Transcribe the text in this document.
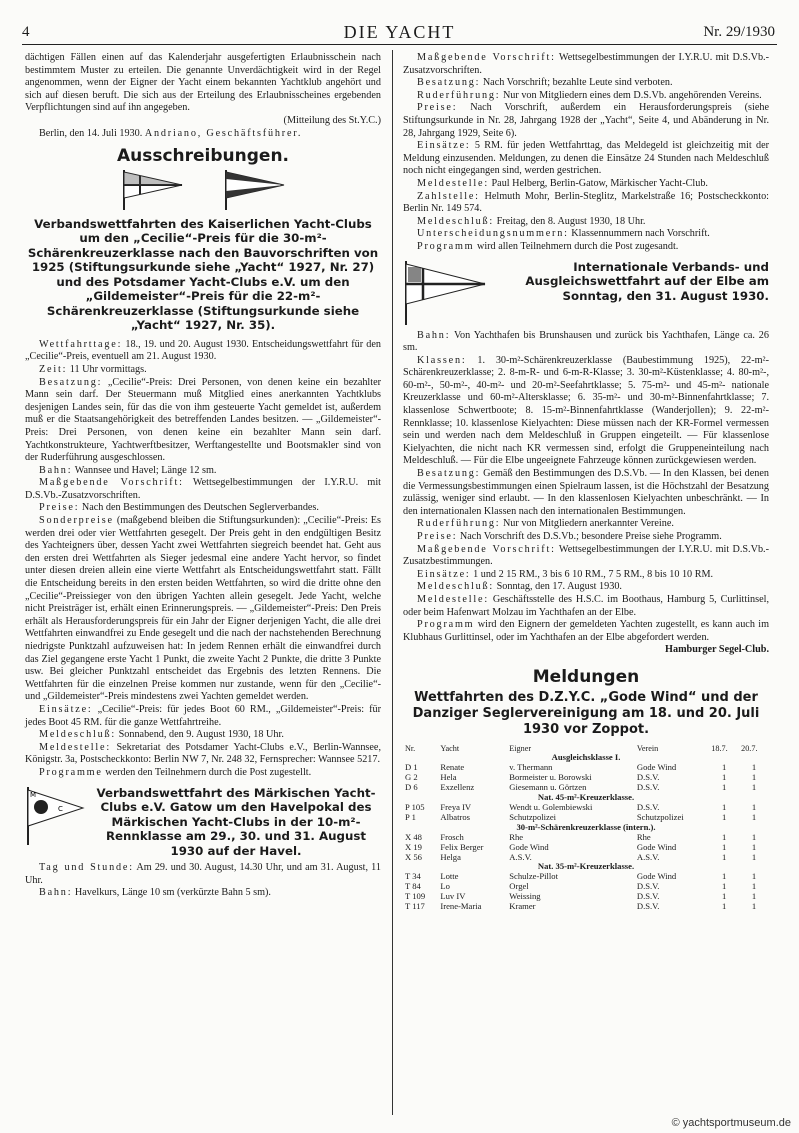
4	DIE YACHT	Nr. 29/1930

dächtigen Fällen einen auf das Kalenderjahr ausgefertigten Erlaubnisschein nach bestimmtem Muster zu erteilen. Die genannte Unverdächtigkeit wird in der Regel angenommen, wenn der Eigner der Yacht einem bekannten Yachtklub angehört und sich auf diesen beruft. Die sich aus der Erteilung des Erlaubnisscheines ergebenden Verpflichtungen sind auf ihn angegeben.
(Mitteilung des St.Y.C.)

Berlin, den 14. Juli 1930. Andriano, Geschäftsführer.

Ausschreibungen.
Verbandswettfahrten des Kaiserlichen Yacht-Clubs um den „Cecilie“-Preis für die 30-m²-Schärenkreuzerklasse nach den Bauvorschriften von 1925 (Stiftungsurkunde siehe „Yacht“ 1927, Nr. 27) und des Potsdamer Yacht-Clubs e.V. um den „Gildemeister“-Preis für die 22-m²-Schärenkreuzerklasse (Stiftungsurkunde siehe „Yacht“ 1927, Nr. 35).

Wettfahrttage: 18., 19. und 20. August 1930. Entscheidungswettfahrt für den „Cecilie“-Preis, eventuell am 21. August 1930.

Zeit: 11 Uhr vormittags.

Besatzung: „Cecilie“-Preis: Drei Personen, von denen keine ein bezahlter Mann sein darf. Der Steuermann muß Mitglied eines anerkannten Yachtklubs desjenigen Landes sein, für das die von ihm gesteuerte Yacht gemeldet ist, außerdem muß er die Staatsangehörigkeit des betreffenden Landes besitzen. — „Gildemeister“-Preis: Drei Personen, von denen keine ein bezahlter Mann sein darf. Yachtkonstrukteure, Yachtwerftbesitzer, Werftangestellte und Bootsmakler sind von der Ruderführung ausgeschlossen.

Bahn: Wannsee und Havel; Länge 12 sm.

Maßgebende Vorschrift: Wettsegelbestimmungen der I.Y.R.U. mit D.S.Vb.-Zusatzvorschriften.

Preise: Nach den Bestimmungen des Deutschen Seglerverbandes.

Sonderpreise (maßgebend bleiben die Stiftungsurkunden): „Cecilie“-Preis: Es werden drei oder vier Wettfahrten gesegelt. Der Preis geht in den endgültigen Besitz des Yachteigners über, dessen Yacht zwei Wettfahrten siegreich beendet hat. Geht aus den ersten drei Wettfahrten als Sieger jedesmal eine andere Yacht hervor, so findet unter diesen dreien allein eine vierte Wettfahrt als Entscheidungswettfahrt statt. Fällt die Entscheidung bereits in den ersten beiden Wettfahrten, so wird die dritte ohne den „Cecilie“-Preissieger von den übrigen Yachten allein gesegelt. Jede Yacht, welche nicht Preisträger ist, erhält einen Erinnerungspreis. — „Gildemeister“-Preis: Den Preis erhält als Herausforderungspreis für ein Jahr der Eigner derjenigen Yacht, die alle drei Wettfahrten einwandfrei zu Ende gesegelt und die nach der nachstehenden Berechnung niedrigste Punktzahl aufzuweisen hat: In jedem Rennen erhält die einwandfrei durch das Ziel gegangene erste Yacht 1 Punkt, die zweite Yacht 2 Punkte, die dritte 3 Punkte usw. Bei gleicher Punktzahl entscheidet das Ergebnis des letzten Rennens. Die Wettfahrten für die einzelnen Preise kommen nur zustande, wenn für den „Cecilie“- und „Gildemeister“-Preis mindestens zwei Yachten gemeldet werden.

Einsätze: „Cecilie“-Preis: für jedes Boot 60 RM., „Gildemeister“-Preis: für jedes Boot 45 RM. für die ganze Wettfahrtreihe.

Meldeschluß: Sonnabend, den 9. August 1930, 18 Uhr.

Meldestelle: Sekretariat des Potsdamer Yacht-Clubs e.V., Berlin-Wannsee, Königstr. 3a, Postscheckkonto: Berlin NW 7, Nr. 248 32, Fernsprecher: Wannsee 5217.

Programme werden den Teilnehmern durch die Post zugestellt.

M
C
Verbandswettfahrt des Märkischen Yacht-Clubs e.V. Gatow um den Havelpokal des Märkischen Yacht-Clubs in der 10-m²-Rennklasse am 29., 30. und 31. August 1930 auf der Havel.

Tag und Stunde: Am 29. und 30. August, 14.30 Uhr, und am 31. August, 11 Uhr.

Bahn: Havelkurs, Länge 10 sm (verkürzte Bahn 5 sm).

Maßgebende Vorschrift: Wettsegelbestimmungen der I.Y.R.U. mit D.S.Vb.-Zusatzvorschriften.

Besatzung: Nach Vorschrift; bezahlte Leute sind verboten.

Ruderführung: Nur von Mitgliedern eines dem D.S.Vb. angehörenden Vereins.

Preise: Nach Vorschrift, außerdem ein Herausforderungspreis (siehe Stiftungsurkunde in Nr. 28, Jahrgang 1928 der „Yacht“, Seite 4, und Abänderung in Nr. 28, Jahrgang 1929, Seite 6).

Einsätze: 5 RM. für jeden Wettfahrttag, das Meldegeld ist gleichzeitig mit der Meldung einzusenden. Meldungen, zu denen die Einsätze 24 Stunden nach Meldeschluß noch nicht eingegangen sind, werden gestrichen.

Meldestelle: Paul Helberg, Berlin-Gatow, Märkischer Yacht-Club.

Zahlstelle: Helmuth Mohr, Berlin-Steglitz, Markelstraße 16; Postscheckkonto: Berlin Nr. 149 574.

Meldeschluß: Freitag, den 8. August 1930, 18 Uhr.

Unterscheidungsnummern: Klassennummern nach Vorschrift.

Programm wird allen Teilnehmern durch die Post zugesandt.

Internationale Verbands- und Ausgleichswettfahrt auf der Elbe am Sonntag, den 31. August 1930.

Bahn: Von Yachthafen bis Brunshausen und zurück bis Yachthafen, Länge ca. 26 sm.

Klassen: 1. 30-m²-Schärenkreuzerklasse (Baubestimmung 1925), 22-m²-Schärenkreuzerklasse; 2. 8-m-R- und 6-m-R-Klasse; 3. 30-m²-Küstenklasse; 4. 80-m²-, 60-m²-, 50-m²-, 40-m²- und 20-m²-Seefahrtklasse; 5. 75-m²- und 45-m²- nationale Kreuzerklasse und 60-m²-Altersklasse; 6. 35-m²- und 30-m²-Binnenfahrtklasse; 7. klassenlose Schwertboote; 8. 15-m²-Binnenfahrtklasse (Wanderjollen); 9. 22-m²-Rennklasse; 10. klassenlose Kielyachten: Diese müssen nach der KR-Formel vermessen sein und werden nach dem Meldeschluß in Gruppen eingeteilt. — Für klassenlose Kielyachten, die nicht nach KR vermessen sind, erfolgt die Gruppeneinteilung nach Meldeschluß. — Für die Elbe ungeeignete Fahrzeuge können zurückgewiesen werden.

Besatzung: Gemäß den Bestimmungen des D.S.Vb. — In den Klassen, bei denen die Vermessungsbestimmungen einen Spielraum lassen, ist die Höchstzahl der Besatzung zulässig, weniger sind erlaubt. — In den klassenlosen Kielyachten unbeschränkt. — In den internationalen Klassen nach den internationalen Bestimmungen.

Ruderführung: Nur von Mitgliedern anerkannter Vereine.

Preise: Nach Vorschrift des D.S.Vb.; besondere Preise siehe Programm.

Maßgebende Vorschrift: Wettsegelbestimmungen der I.Y.R.U. mit D.S.Vb.-Zusatzbestimmungen.

Einsätze: 1 und 2 15 RM., 3 bis 6 10 RM., 7 5 RM., 8 bis 10 10 RM.

Meldeschluß: Sonntag, den 17. August 1930.

Meldestelle: Geschäftsstelle des H.S.C. im Boothaus, Hamburg 5, Curlittinsel, oder beim Hafenwart Molzau im Yachthafen an der Elbe.

Programm wird den Eignern der gemeldeten Yachten zugestellt, es kann auch im Klubhaus Gurlittinsel, oder im Yachthafen an der Elbe abgefordert werden.

Hamburger Segel-Club.
Meldungen
Wettfahrten des D.Z.Y.C. „Gode Wind“ und der Danziger Seglervereinigung am 18. und 20. Juli 1930 vor Zoppot.
Nr.	Yacht	Eigner	Verein	18.7.	20.7.
Ausgleichsklasse I.					
D 1	Renate	v. Thermann	Gode Wind	1	1
G 2	Hela	Bormeister u. Borowski	D.S.V.	1	1
D 6	Exzellenz	Giesemann u. Görtzen	D.S.V.	1	1
Nat. 45-m²-Kreuzerklasse.					
P 105	Freya IV	Wendt u. Golembiewski	D.S.V.	1	1
P 1	Albatros	Schutzpolizei	Schutzpolizei	1	1
30-m²-Schärenkreuzerklasse (intern.).					
X 48	Frosch	Rhe	Rhe	1	1
X 19	Felix Berger	Gode Wind	Gode Wind	1	1
X 56	Helga	A.S.V.	A.S.V.	1	1
Nat. 35-m²-Kreuzerklasse.					
T 34	Lotte	Schulze-Pillot	Gode Wind	1	1
T 84	Lo	Orgel	D.S.V.	1	1
T 109	Luv IV	Weissing	D.S.V.	1	1
T 117	Irene-Maria	Kramer	D.S.V.	1	1
© yachtsportmuseum.de
